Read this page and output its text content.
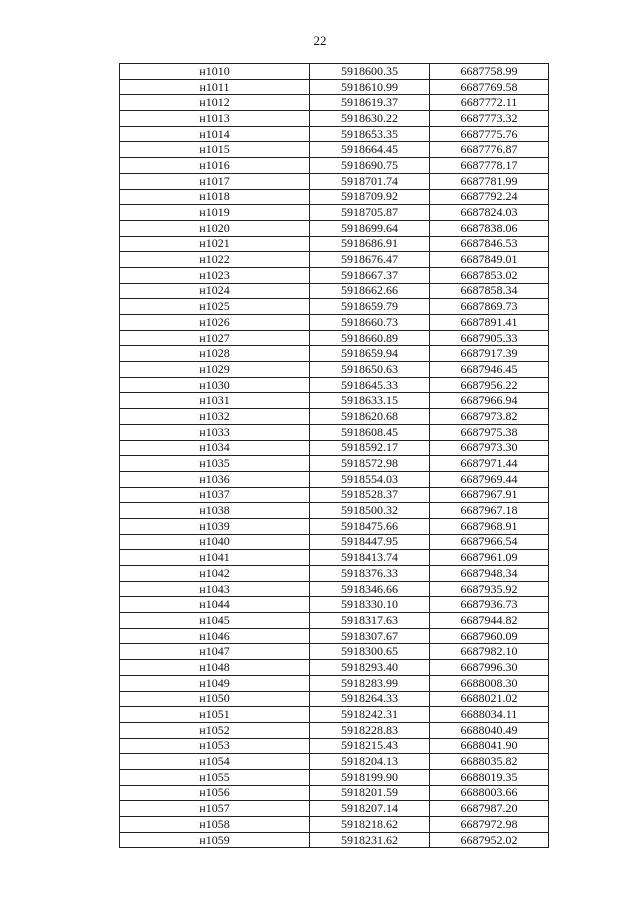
22
н1010	5918600.35	6687758.99
н1011	5918610.99	6687769.58
н1012	5918619.37	6687772.11
н1013	5918630.22	6687773.32
н1014	5918653.35	6687775.76
н1015	5918664.45	6687776.87
н1016	5918690.75	6687778.17
н1017	5918701.74	6687781.99
н1018	5918709.92	6687792.24
н1019	5918705.87	6687824.03
н1020	5918699.64	6687838.06
н1021	5918686.91	6687846.53
н1022	5918676.47	6687849.01
н1023	5918667.37	6687853.02
н1024	5918662.66	6687858.34
н1025	5918659.79	6687869.73
н1026	5918660.73	6687891.41
н1027	5918660.89	6687905.33
н1028	5918659.94	6687917.39
н1029	5918650.63	6687946.45
н1030	5918645.33	6687956.22
н1031	5918633.15	6687966.94
н1032	5918620.68	6687973.82
н1033	5918608.45	6687975.38
н1034	5918592.17	6687973.30
н1035	5918572.98	6687971.44
н1036	5918554.03	6687969.44
н1037	5918528.37	6687967.91
н1038	5918500.32	6687967.18
н1039	5918475.66	6687968.91
н1040	5918447.95	6687966.54
н1041	5918413.74	6687961.09
н1042	5918376.33	6687948.34
н1043	5918346.66	6687935.92
н1044	5918330.10	6687936.73
н1045	5918317.63	6687944.82
н1046	5918307.67	6687960.09
н1047	5918300.65	6687982.10
н1048	5918293.40	6687996.30
н1049	5918283.99	6688008.30
н1050	5918264.33	6688021.02
н1051	5918242.31	6688034.11
н1052	5918228.83	6688040.49
н1053	5918215.43	6688041.90
н1054	5918204.13	6688035.82
н1055	5918199.90	6688019.35
н1056	5918201.59	6688003.66
н1057	5918207.14	6687987.20
н1058	5918218.62	6687972.98
н1059	5918231.62	6687952.02
